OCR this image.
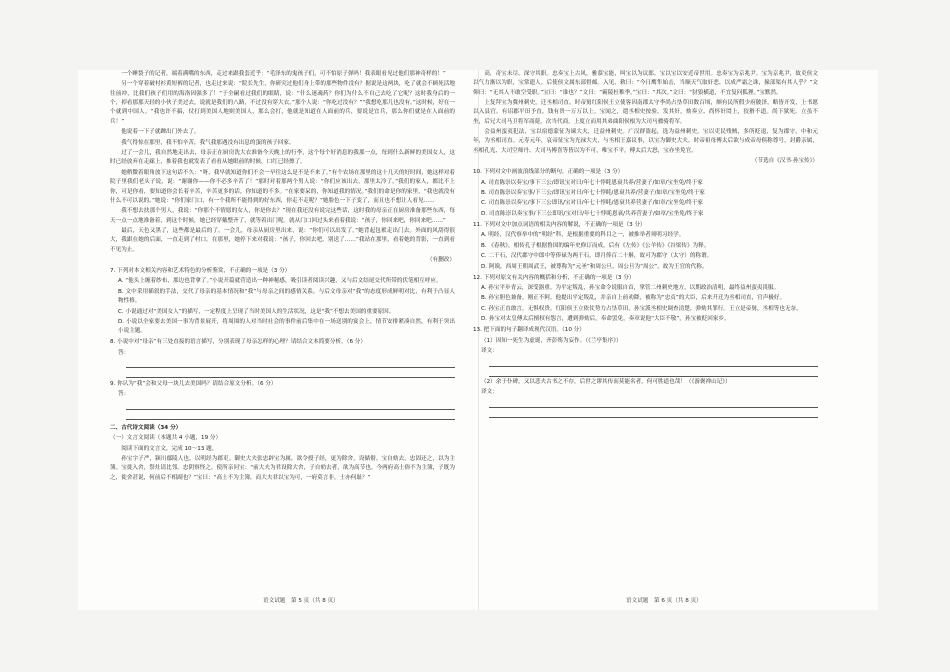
一个睡袋子的记者，端着满嘴的东西，走过来跟我套近乎：“毛泽东的鬼孩子们，可不怕原子弹吗！我表眼看见过他们那神奇样的！”

另一个穿着破衬衫黄短裤的记者，也走过来说：“院长先生，你研究过他们身上带的那些物件没有？据说是这两块，吃了就会不顾死活地往前冲，比我们孩子们用的海洛因强多了！”于全嗣看过我们的眼睛，说：“什么迷魂药？你们为什么不自己去吃了它呢？这时我身后的一个，掉看那那天轻的小伙子美过去，说就是我们的八路，不过没有穿大衣。”那个人说：“你吃过没有？”“我想吃那儿也没有。”这时候，好在一个就到中国人。“我也许不搞，仗打到美国人地则美国人，那么会打，他就是知道在人面前的兵，要说是宜兵，那么你们就是在人面前的兵！”

他说着一下子就蹿出门外去了。

我气得惊在那里，我不怕辛苦，我气我那遇没有出息的蛋的孩子回家。

过了一会儿，我自然地走出去，母亲正在厨房洗大衣准备今天晚上的行李，这个每个好消息的我那一点，每到什么新鲜的美国女人，这时已经放弃在走廊上，推着我也就发表了看看从她眼前的时候，口红已经擦了。

她稍微着眼角放下这句话不久：“呀，我早就知道你们不会一早往这么是不是不来了。”有个农场在那里的这十几天的好时间，她这样对着院子里我们老头子说，说：“谢谢你——你不必多辛苦了！”那时对着那两个男人说：“你们应该出去，那里太冷了。”我们的家人，都比不上你，可是你看，要知道你会长着辛苦，辛苦更多的话，你知道的不多。“在家要呆的，你知道我的情况。”我们的命是你的家里，“我也就没有什么不可以说的。”她说：“你们家门口，有一个我所不能得到的好东西，你走不走呢？”她脸色一下子变了，而且也不想让人看见……

我不想去扶那个男人，我说：“你那个不情愿的女人，你是你去？”现在我还没有说完这些话，这时我的母亲正在厨房准备那些东西，每天一点一点地准备着，到这个时候，她已经穿戴整齐了，就等着出门呢。就从门口回过头来看着我说：“孩子，你回来吧，你回来吧……”

最后，天色又黑了，这些都是最后的了。一会儿，母亲从厨房里出来，说：“你们可以出发了。”她背起包袱走出门去。外面的风刮得很大，我跟在她的后面，一直走到了村口。在那里，她停下来对我说：“孩子，你回去吧，别送了……”我站在那里，看着她的背影，一直到看不见为止。

（有删改）

7. 下列对本文相关内容和艺术特色的分析鉴赏，不正确的一项是（3 分）

A. “他头上缠着纱布，那边也背拿了。”小说开篇就营造出一种神秘感，吸引读者阅读兴趣，又与后文结尾交代所带的伏笔相互呼应。

B. 文中采用插叙的手法，交代了母亲的基本情况和“我”与母亲之间的感情关系，与后文母亲对“我”的态度形成鲜明对比，有利于凸显人物性格。

C. 小说通过对“美国女人”的描写，一定程度上呈现了当时美国人的生活状况，这是“我”不想去美国的重要原因。

D. 小说以全家要去美国一事为背景展开，将周围的人对当时社会的事件前后集中在一场送别的宴会上，情节安排紧凑自然，有利于突出小说主题。

8. 小说中对“母亲”有三处直接的语言描写，分别表现了母亲怎样的心理？请结合文本简要分析。（6 分）

答：

9. 你认为“我”会和父母一块儿去美国吗？请结合原文分析。（6 分）

答：

二、古代诗文阅读（34 分）

（一）文言文阅读（本题共 4 小题，19 分）

阅读下面的文言文，完成 10～13 题。

孙宝字子严，颍川鄢陵人也。以明经为郡吏。御史大夫张忠辟宝为属，欲令授子经，更为除舍，设储偫。宝自劾去，忠固还之，以为主簿。宝徙入舍，祭灶请比邻。忠阴察怪之，使所亲问宝：“前大夫为君设除大舍，子自劾去者，欲为高节也。今两府高士俗不为主簿，子既为之，徙舍甚说，何前后不相副也？”宝曰：“高士不为主簿，而大夫君以宝为可，一府莫言非，士亦何耻？”

高，奇宝未尽，深守其职。忠奏宝上古风，雅慕宝能，叫宝以为议郎。宝以宝以安近帝世用。忠奏宝为京兆尹。宝为京兆尹，故吏侯文以气力渐以为职，宝常遗人。后使侯文属东部督邮。入见，敕曰：“今日鹰隼始击，当顺天气取奸恶，以成严霜之诛，掾部渠有其人乎？”文仰曰：“无其人不敢空受职。”宝曰：“谁也？”文曰：“霸陵杜稚季。”宝曰：“其次。”文曰：“豺狼横道，不宜复问狐狸。”宝默然。

上复拜宝为冀州刺史，迁丞相司直。时帝舅红阳侯王立使客因南郡太守李尚占垦草田数百顷，颇有民所假少府陂泽，略皆开发，上书愿以入县官。有诏郡平田予直，钱有贵一万万以上。宝闻之，遣丞相史按验，发其奸，劾奏立、尚怀奸罔上，狡猾不道。尚下狱死。立虽不坐，后兄大司马卫将军商薨，次当代商，上度立而用其弟曲阳侯根为大司马骠骑将军。

会益州蛮夷犯法，宝以宿德蒙征为谏大夫，迁益州刺史。广汉群盗起，选为益州刺史。宝以吏民残贼，多所贬退，复为郡守。中和元年，为丞相司直。元寿元年，哀帝征宝为光禄大夫，与丞相王嘉议事，以宝为御史大夫。时帝祖母傅太后欲与成帝母俱称尊号，封爵亲属，丞相孔光、大司空师丹、大司马傅喜等皆以为不可，唯宝不平。傅太后大怒，宝亦坐免官。

（节选自《汉书·孙宝传》）

10. 下列对文中画波浪线部分的断句，正确的一项是（3 分）

A. 司直陈崇以奏宝/事下三公/即讯宝对曰/年七十悖眊恩衰共养/营妻子/如章/宝坐免/终于家

B. 司直陈崇以奏宝事/下三公/即讯宝对曰/年七十悖眊/恩衰共养/营妻子/如章/宝坐免/终于家

C. 司直陈崇以奏宝/事下三公即讯/宝对曰/年七十悖眊/恩衰共养营妻子/如章/宝坐免/终于家

D. 司直陈崇以奏宝事/下三公即讯/宝对曰/年七十悖眊恩衰/共养营妻子/如章/宝坐免/终于家

11. 下列对文中加点词语的相关内容的解说，不正确的一项是（3 分）

A. 明经，汉代察举中的“明经”科，是根据重要的科目之一，被推举者须明习经学。

B. 《春秋》，相传孔子根据鲁国的编年史修订而成，后有《左传》《公羊传》《谷梁传》为释。

C. 二千石，汉代郡守中郎中等俸禄为两千石，即月俸百二十斛，故可为郡守（太守）的称谓。

D. 阿谀，西周王朝周武王，被尊称为“元圣”和周公旦，周公旦为“周公”，故为王官的代称。

12. 下列对原文有关内容的概括和分析，不正确的一项是（3 分）

A. 孙宝平步青云，深受器重。为平定叛乱，孙宝命令说服自首，掌管二州刺史地方，以期政治清明，最终益州蛮夷畏服。

B. 孙宝胆色兼备，刚正不阿。他提出平定叛乱，并亲自上前劝降，被称为“忠贞”的大臣，后来升迁为丞相司直，官声极好。

C. 孙宝正直敢言，无惧权贵。红阳侯王立依仗势力占垦草田，孙宝派丞相史调查清楚，弹劾其罪行。王立是帝舅，丞相等也无奈。

D. 孙宝对太皇傅太后擅权有怨言，遭到弹劾后，奉命罢免，奏章说他“大臣不敬”，孙宝被贬回家乡。

13. 把下面的句子翻译成现代汉语。（10 分）

（1）因知一死生为虚诞，齐彭殇为妄作。（《兰亭集序》）

译文：

（2）余于仆碑，又以悲夫古书之不存，后世之谬其传而莫能名者，何可胜道也哉！（《游褒禅山记》）

译文：

语文试题　第 5 页（共 8 页）	语文试题　第 6 页（共 8 页）
